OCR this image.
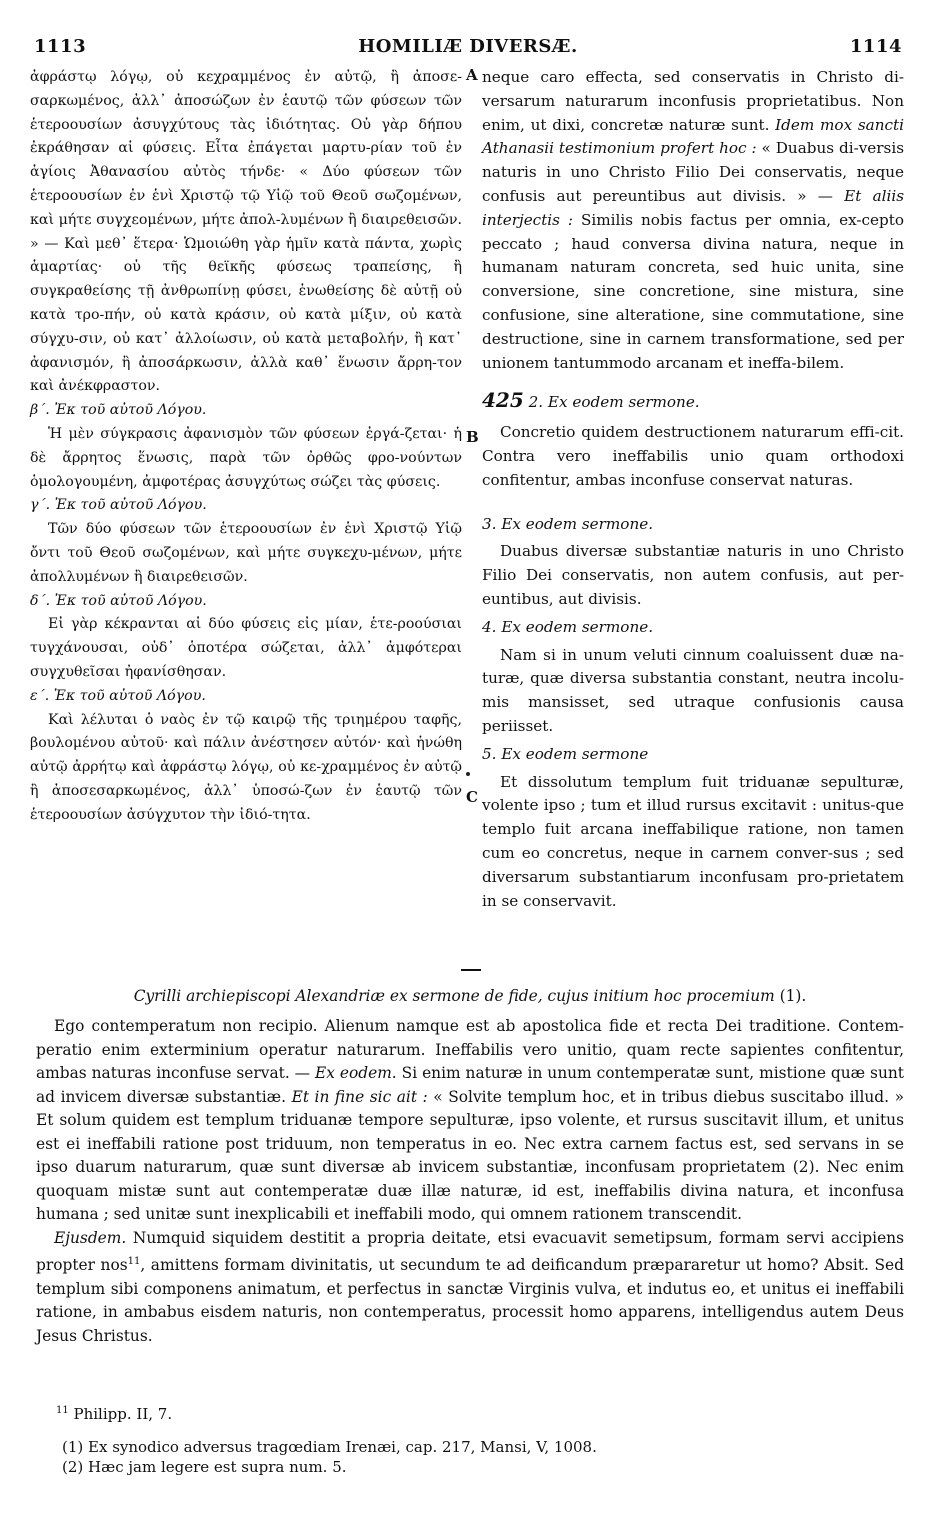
1113	HOMILIÆ DIVERSÆ.	1114
A
B
C

ἀφράστῳ λόγῳ, οὐ κεχραμμένος ἐν αὐτῷ, ἢ ἀποσε-σαρκωμένος, ἀλλ᾽ ἀποσώζων ἐν ἑαυτῷ τῶν φύσεων τῶν ἑτεροουσίων ἀσυγχύτους τὰς ἰδιότητας. Οὐ γὰρ δήπου ἐκράθησαν αἱ φύσεις. Εἶτα ἐπάγεται μαρτυ-ρίαν τοῦ ἐν ἁγίοις Ἀθανασίου αὐτὸς τήνδε· « Δύο φύσεων τῶν ἑτεροουσίων ἐν ἑνὶ Χριστῷ τῷ Υἱῷ τοῦ Θεοῦ σωζομένων, καὶ μήτε συγχεομένων, μήτε ἀπολ-λυμένων ἢ διαιρεθεισῶν. » — Καὶ μεθ᾽ ἕτερα· Ὡμοιώθη γὰρ ἡμῖν κατὰ πάντα, χωρὶς ἁμαρτίας· οὐ τῆς θεϊκῆς φύσεως τραπείσης, ἢ συγκραθείσης τῇ ἀνθρωπίνῃ φύσει, ἑνωθείσης δὲ αὐτῇ οὐ κατὰ τρο-πήν, οὐ κατὰ κράσιν, οὐ κατὰ μίξιν, οὐ κατὰ σύγχυ-σιν, οὐ κατ᾽ ἀλλοίωσιν, οὐ κατὰ μεταβολήν, ἢ κατ᾽ ἀφανισμόν, ἢ ἀποσάρκωσιν, ἀλλὰ καθ᾽ ἕνωσιν ἄρρη-τον καὶ ἀνέκφραστον.

β΄. Ἐκ τοῦ αὐτοῦ Λόγου.

Ἡ μὲν σύγκρασις ἀφανισμὸν τῶν φύσεων ἐργά-ζεται· ἡ δὲ ἄρρητος ἕνωσις, παρὰ τῶν ὀρθῶς φρο-νούντων ὁμολογουμένη, ἀμφοτέρας ἀσυγχύτως σώζει τὰς φύσεις.

γ΄. Ἐκ τοῦ αὐτοῦ Λόγου.

Τῶν δύο φύσεων τῶν ἑτεροουσίων ἐν ἑνὶ Χριστῷ Υἱῷ ὄντι τοῦ Θεοῦ σωζομένων, καὶ μήτε συγκεχυ-μένων, μήτε ἀπολλυμένων ἢ διαιρεθεισῶν.

δ΄. Ἐκ τοῦ αὐτοῦ Λόγου.

Εἰ γὰρ κέκρανται αἱ δύο φύσεις εἰς μίαν, ἑτε-ροούσιαι τυγχάνουσαι, οὐδ᾽ ὁποτέρα σώζεται, ἀλλ᾽ ἀμφότεραι συγχυθεῖσαι ἠφανίσθησαν.

ε΄. Ἐκ τοῦ αὐτοῦ Λόγου.

Καὶ λέλυται ὁ ναὸς ἐν τῷ καιρῷ τῆς τριημέρου ταφῆς, βουλομένου αὐτοῦ· καὶ πάλιν ἀνέστησεν αὐτόν· καὶ ἡνώθη αὐτῷ ἀρρήτῳ καὶ ἀφράστῳ λόγῳ, οὐ κε-χραμμένος ἐν αὐτῷ ἢ ἀποσεσαρκωμένος, ἀλλ᾽ ὑποσώ-ζων ἐν ἑαυτῷ τῶν ἑτεροουσίων ἀσύγχυτον τὴν ἰδιό-τητα.

neque caro effecta, sed conservatis in Christo di-versarum naturarum inconfusis proprietatibus. Non enim, ut dixi, concretæ naturæ sunt. Idem mox sancti Athanasii testimonium profert hoc : « Duabus di-versis naturis in uno Christo Filio Dei conservatis, neque confusis aut pereuntibus aut divisis. » — Et aliis interjectis : Similis nobis factus per omnia, ex-cepto peccato ; haud conversa divina natura, neque in humanam naturam concreta, sed huic unita, sine conversione, sine concretione, sine mistura, sine confusione, sine alteratione, sine commutatione, sine destructione, sine in carnem transformatione, sed per unionem tantummodo arcanam et ineffa-bilem.

425 2. Ex eodem sermone.

Concretio quidem destructionem naturarum effi-cit. Contra vero ineffabilis unio quam orthodoxi confitentur, ambas inconfuse conservat naturas.

3. Ex eodem sermone.

Duabus diversæ substantiæ naturis in uno Christo Filio Dei conservatis, non autem confusis, aut per-euntibus, aut divisis.

4. Ex eodem sermone.

Nam si in unum veluti cinnum coaluissent duæ na-turæ, quæ diversa substantia constant, neutra incolu-mis mansisset, sed utraque confusionis causa periisset.

5. Ex eodem sermone

Et dissolutum templum fuit triduanæ sepulturæ, volente ipso ; tum et illud rursus excitavit : unitus-que templo fuit arcana ineffabilique ratione, non tamen cum eo concretus, neque in carnem conver-sus ; sed diversarum substantiarum inconfusam pro-prietatem in se conservavit.

Cyrilli archiepiscopi Alexandriæ ex sermone de fide, cujus initium hoc procemium (1).

Ego contemperatum non recipio. Alienum namque est ab apostolica fide et recta Dei traditione. Contem-peratio enim exterminium operatur naturarum. Ineffabilis vero unitio, quam recte sapientes confitentur, ambas naturas inconfuse servat. — Ex eodem. Si enim naturæ in unum contemperatæ sunt, mistione quæ sunt ad invicem diversæ substantiæ. Et in fine sic ait : « Solvite templum hoc, et in tribus diebus suscitabo illud. » Et solum quidem est templum triduanæ tempore sepulturæ, ipso volente, et rursus suscitavit illum, et unitus est ei ineffabili ratione post triduum, non temperatus in eo. Nec extra carnem factus est, sed servans in se ipso duarum naturarum, quæ sunt diversæ ab invicem substantiæ, inconfusam proprietatem (2). Nec enim quoquam mistæ sunt aut contemperatæ duæ illæ naturæ, id est, ineffabilis divina natura, et inconfusa humana ; sed unitæ sunt inexplicabili et ineffabili modo, qui omnem rationem transcendit.

Ejusdem. Numquid siquidem destitit a propria deitate, etsi evacuavit semetipsum, formam servi accipiens propter nos$^{11}$, amittens formam divinitatis, ut secundum te ad deificandum præpararetur ut homo? Absit. Sed templum sibi componens animatum, et perfectus in sanctæ Virginis vulva, et indutus eo, et unitus ei ineffabili ratione, in ambabus eisdem naturis, non contemperatus, processit homo apparens, intelligendus autem Deus Jesus Christus.

$^{11}$ Philipp. II, 7.
(1) Ex synodico adversus tragœdiam Irenæi, cap. 217, Mansi, V, 1008.
(2) Hæc jam legere est supra num. 5.
